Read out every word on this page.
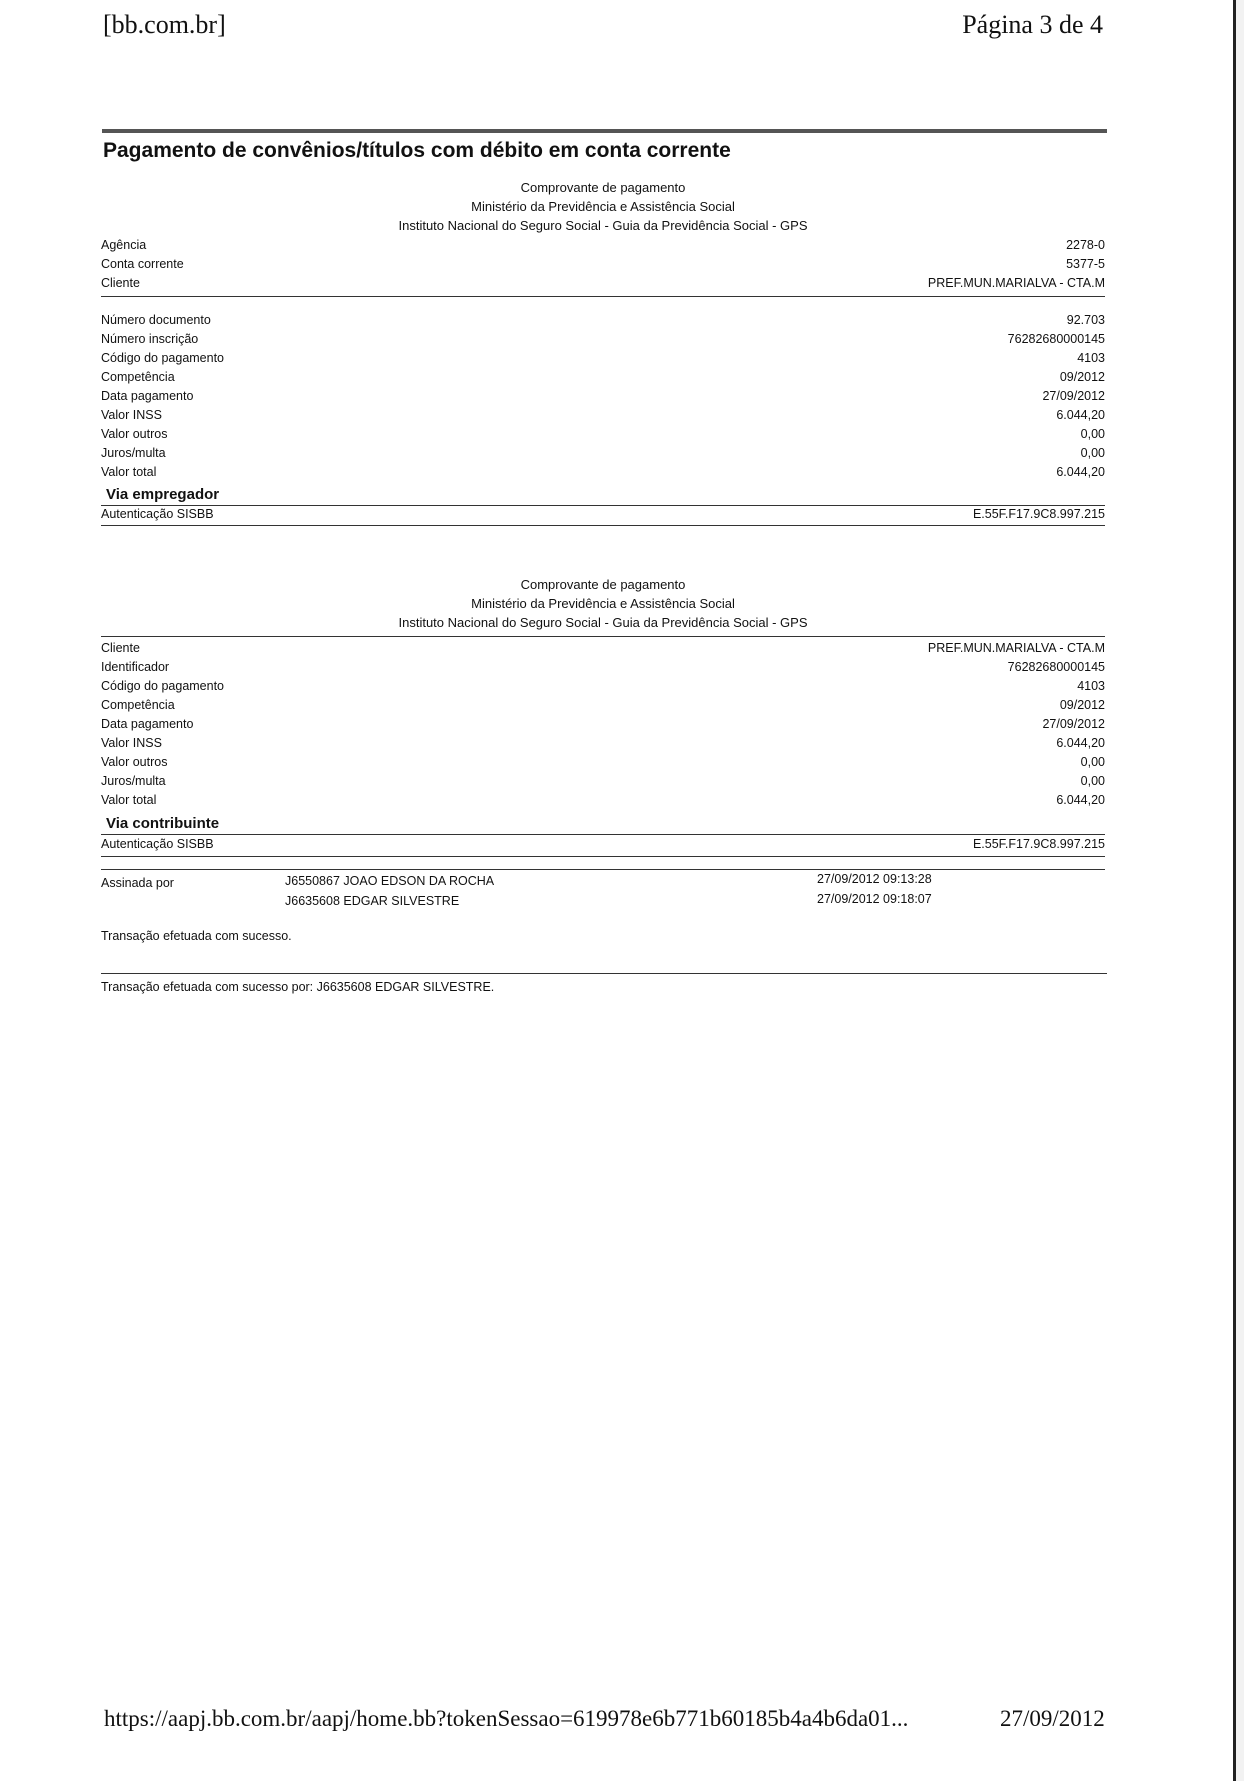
[bb.com.br]	Página 3 de 4
Pagamento de convênios/títulos com débito em conta corrente
Comprovante de pagamento
Ministério da Previdência e Assistência Social
Instituto Nacional do Seguro Social - Guia da Previdência Social - GPS
Agência	2278-0
Conta corrente	5377-5
Cliente	PREF.MUN.MARIALVA - CTA.M
Número documento	92.703
Número inscrição	76282680000145
Código do pagamento	4103
Competência	09/2012
Data pagamento	27/09/2012
Valor INSS	6.044,20
Valor outros	0,00
Juros/multa	0,00
Valor total	6.044,20
Via empregador
Autenticação SISBB	E.55F.F17.9C8.997.215
Comprovante de pagamento
Ministério da Previdência e Assistência Social
Instituto Nacional do Seguro Social - Guia da Previdência Social - GPS
Cliente	PREF.MUN.MARIALVA - CTA.M
Identificador	76282680000145
Código do pagamento	4103
Competência	09/2012
Data pagamento	27/09/2012
Valor INSS	6.044,20
Valor outros	0,00
Juros/multa	0,00
Valor total	6.044,20
Via contribuinte
Autenticação SISBB	E.55F.F17.9C8.997.215
Assinada por	J6550867 JOAO EDSON DA ROCHA	27/09/2012 09:13:28
J6635608 EDGAR SILVESTRE	27/09/2012 09:18:07
Transação efetuada com sucesso.
Transação efetuada com sucesso por: J6635608 EDGAR SILVESTRE.
https://aapj.bb.com.br/aapj/home.bb?tokenSessao=619978e6b771b60185b4a4b6da01...	27/09/2012
